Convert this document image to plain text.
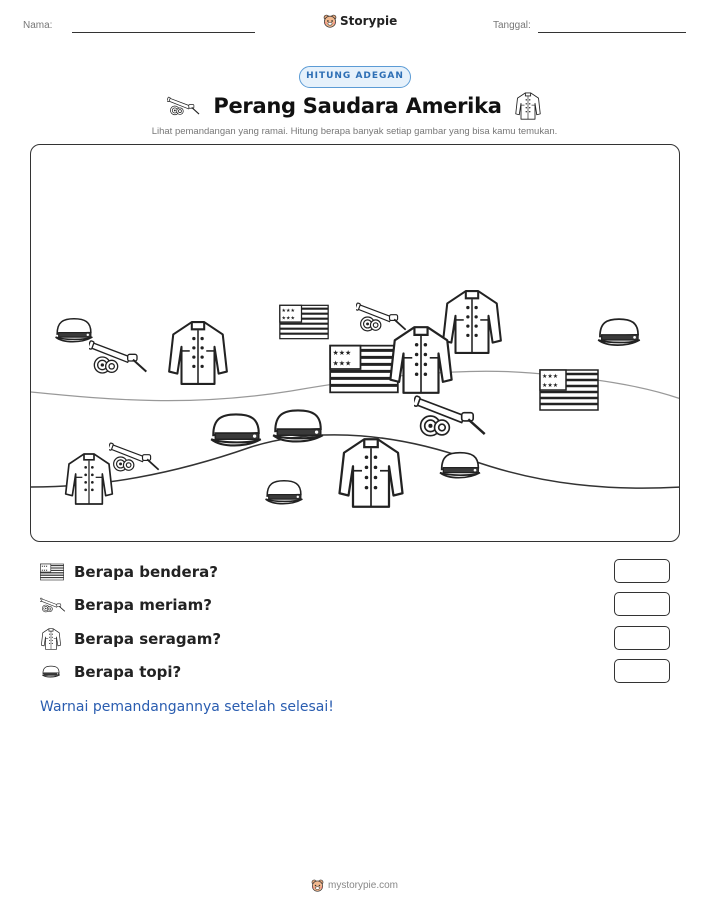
Nama:	Storypie	Tanggal:
HITUNG ADEGAN
Perang Saudara Amerika
Lihat pemandangan yang ramai. Hitung berapa banyak setiap gambar yang bisa kamu temukan.
Berapa bendera?
Berapa meriam?
Berapa seragam?
Berapa topi?
Warnai pemandangannya setelah selesai!
mystorypie.com
